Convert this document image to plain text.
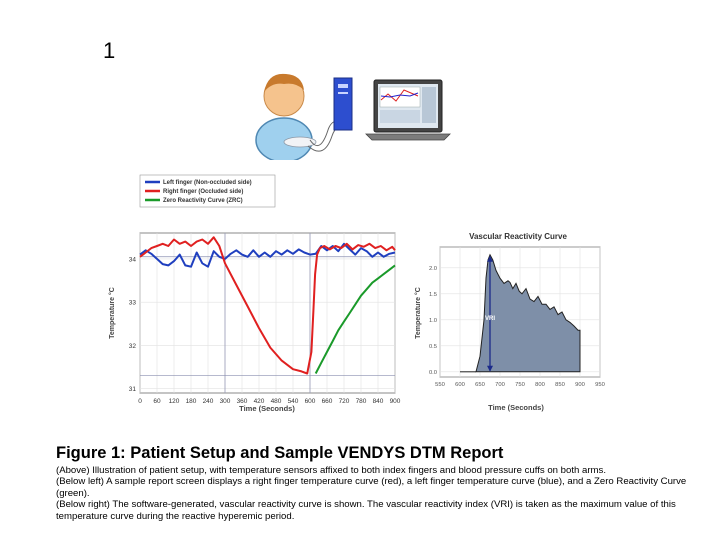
1
0 60 120 180 240 300 360 420 480 540 600 660 720 780 840 900
31
32
33
34
Time (Seconds)
Temperature °C
Left finger (Non-occluded side)
Right finger (Occluded side)
Zero Reactivity Curve (ZRC)
Vascular Reactivity Curve
VRI
550 600 650 700 750 800 850 900 950
0.0
0.5
1.0
1.5
2.0
Time (Seconds)
Temperature °C
Figure 1: Patient Setup and Sample VENDYS DTM Report

(Above) Illustration of patient setup, with temperature sensors affixed to both index fingers and blood pressure cuffs on both arms.

(Below left) A sample report screen displays a right finger temperature curve (red), a left finger temperature curve (blue), and a Zero Reactivity Curve (green).

(Below right) The software-generated, vascular reactivity curve is shown. The vascular reactivity index (VRI) is taken as the maximum value of this temperature curve during the reactive hyperemic period.
